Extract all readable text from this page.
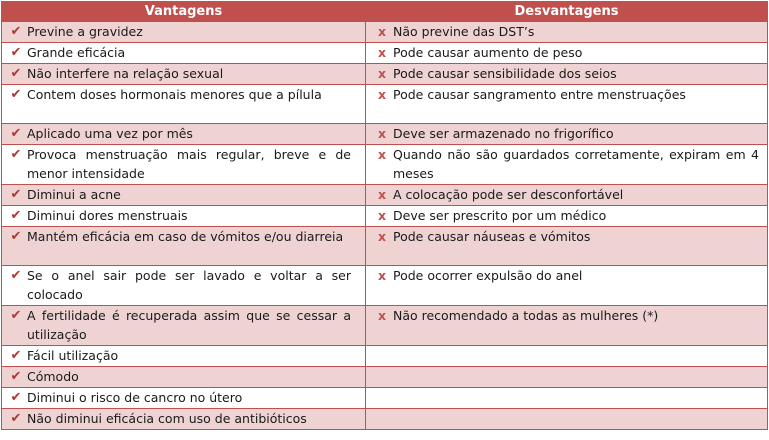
Vantagens	Desvantagens

✔ Previne a gravidez	x Não previne das DST’s

✔ Grande eficácia	x Pode causar aumento de peso

✔ Não interfere na relação sexual	x Pode causar sensibilidade dos seios

✔ Contem doses hormonais menores que a pílula	x Pode causar sangramento entre menstruações

✔ Aplicado uma vez por mês	x Deve ser armazenado no frigorífico

✔ Provoca menstruação mais regular, breve e de menor intensidade	x Quando não são guardados corretamente, expiram em 4 meses

✔ Diminui a acne	x A colocação pode ser desconfortável

✔ Diminui dores menstruais	x Deve ser prescrito por um médico

✔ Mantém eficácia em caso de vómitos e/ou diarreia	x Pode causar náuseas e vómitos

✔ Se o anel sair pode ser lavado e voltar a ser colocado	x Pode ocorrer expulsão do anel

✔ A fertilidade é recuperada assim que se cessar a utilização	x Não recomendado a todas as mulheres (*)

✔ Fácil utilização	

✔ Cómodo	

✔ Diminui o risco de cancro no útero	

✔ Não diminui eficácia com uso de antibióticos	
